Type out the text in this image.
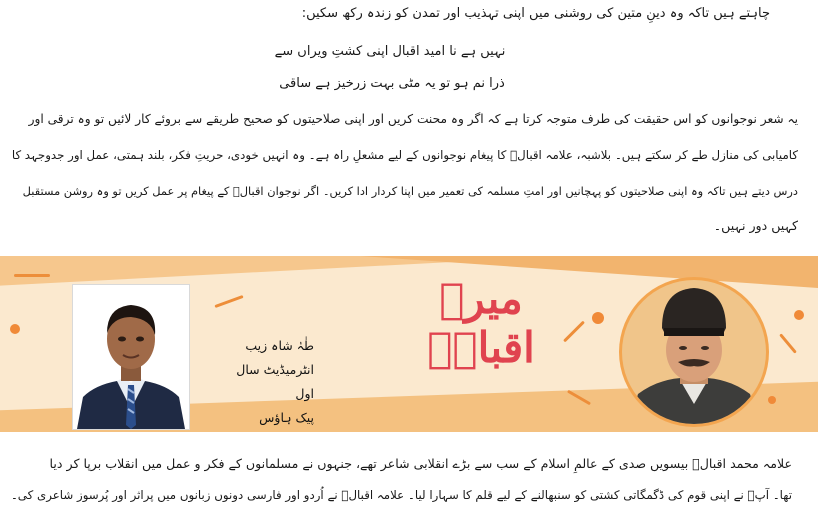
چاہتے ہیں تاکہ وہ دینِ متین کی روشنی میں اپنی تہذیب اور تمدن کو زندہ رکھ سکیں:
نہیں ہے نا امید اقبال اپنی کشتِ ویراں سے
ذرا نم ہو تو یہ مٹی بہت زرخیز ہے ساقی
یہ شعر نوجوانوں کو اس حقیقت کی طرف متوجہ کرتا ہے کہ اگر وہ محنت کریں اور اپنی صلاحیتوں کو صحیح طریقے سے بروئے کار لائیں تو وہ ترقی اور
کامیابی کی منازل طے کر سکتے ہیں۔ بلاشبہ، علامہ اقبالؒ کا پیغام نوجوانوں کے لیے مشعلِ راہ ہے۔ وہ انہیں خودی، حریتِ فکر، بلند ہمتی، عمل اور جدوجہد کا
درس دیتے ہیں تاکہ وہ اپنی صلاحیتوں کو پہچانیں اور امتِ مسلمہ کی تعمیر میں اپنا کردار ادا کریں۔ اگر نوجوان اقبالؒ کے پیغام پر عمل کریں تو وہ روشن مستقبل
کہیں دور نہیں۔
طٰہٰ شاہ زیب
انٹرمیڈیٹ سال اول
پیک ہاؤس
میرے اقبالؒ
علامہ محمد اقبالؒ بیسویں صدی کے عالمِ اسلام کے سب سے بڑے انقلابی شاعر تھے، جنہوں نے مسلمانوں کے فکر و عمل میں انقلاب برپا کر دیا
تھا۔ آپؒ نے اپنی قوم کی ڈگمگاتی کشتی کو سنبھالنے کے لیے قلم کا سہارا لیا۔ علامہ اقبالؒ نے اُردو اور فارسی دونوں زبانوں میں پراثر اور پُرسوز شاعری کی۔
